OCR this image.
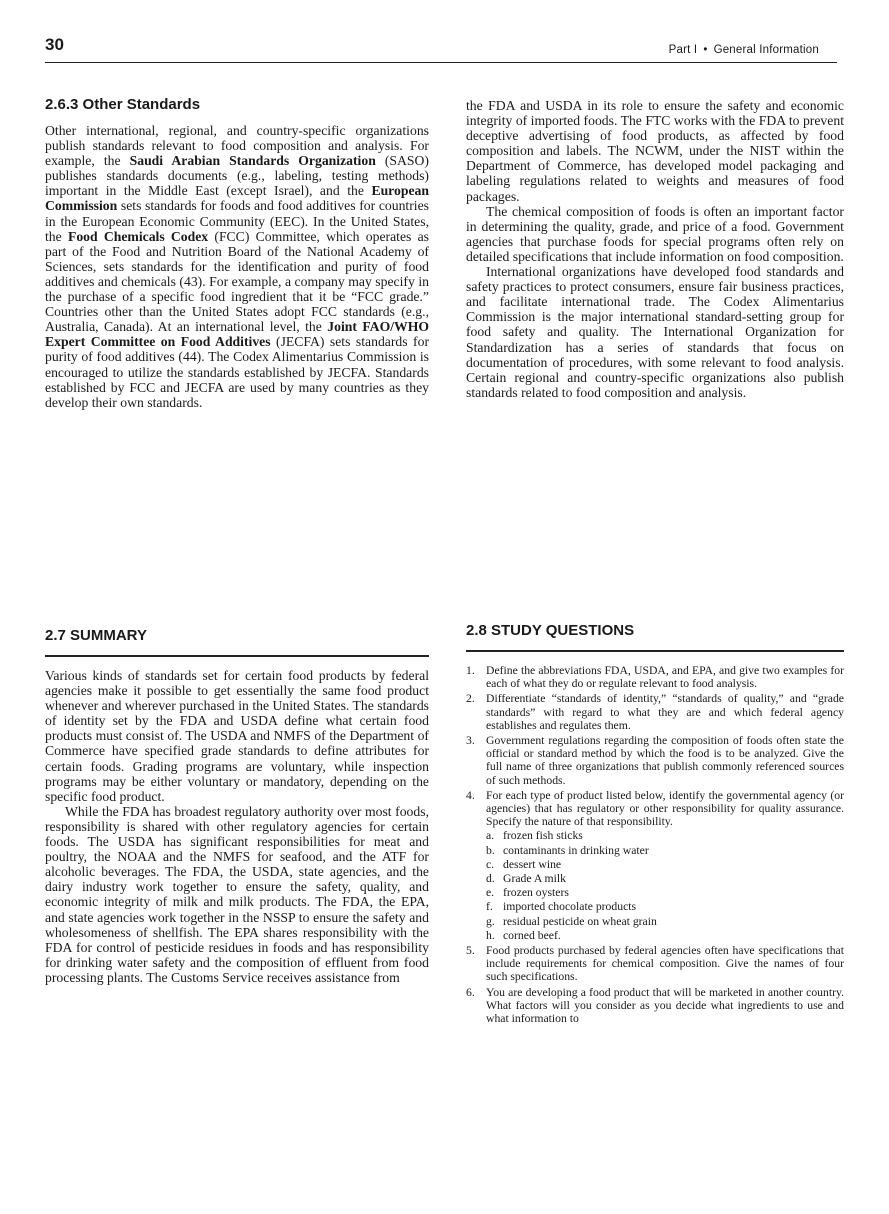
30	Part I • General Information
2.6.3 Other Standards

Other international, regional, and country-specific organizations publish standards relevant to food composition and analysis. For example, the Saudi Arabian Standards Organization (SASO) publishes standards documents (e.g., labeling, testing methods) important in the Middle East (except Israel), and the European Commission sets standards for foods and food additives for countries in the European Economic Community (EEC). In the United States, the Food Chemicals Codex (FCC) Committee, which operates as part of the Food and Nutrition Board of the National Academy of Sciences, sets standards for the identification and purity of food additives and chemicals (43). For example, a company may specify in the purchase of a specific food ingredient that it be “FCC grade.” Countries other than the United States adopt FCC standards (e.g., Australia, Canada). At an international level, the Joint FAO/WHO Expert Committee on Food Additives (JECFA) sets standards for purity of food additives (44). The Codex Alimentarius Commission is encouraged to utilize the standards established by JECFA. Standards established by FCC and JECFA are used by many countries as they develop their own standards.

the FDA and USDA in its role to ensure the safety and economic integrity of imported foods. The FTC works with the FDA to prevent deceptive advertising of food products, as affected by food composition and labels. The NCWM, under the NIST within the Department of Commerce, has developed model packaging and labeling regulations related to weights and measures of food packages.

The chemical composition of foods is often an important factor in determining the quality, grade, and price of a food. Government agencies that purchase foods for special programs often rely on detailed specifications that include information on food composition.

International organizations have developed food standards and safety practices to protect consumers, ensure fair business practices, and facilitate international trade. The Codex Alimentarius Commission is the major international standard-setting group for food safety and quality. The International Organization for Standardization has a series of standards that focus on documentation of procedures, with some relevant to food analysis. Certain regional and country-specific organizations also publish standards related to food composition and analysis.

2.7 SUMMARY

Various kinds of standards set for certain food products by federal agencies make it possible to get essentially the same food product whenever and wherever purchased in the United States. The standards of identity set by the FDA and USDA define what certain food products must consist of. The USDA and NMFS of the Department of Commerce have specified grade standards to define attributes for certain foods. Grading programs are voluntary, while inspection programs may be either voluntary or mandatory, depending on the specific food product.

While the FDA has broadest regulatory authority over most foods, responsibility is shared with other regulatory agencies for certain foods. The USDA has significant responsibilities for meat and poultry, the NOAA and the NMFS for seafood, and the ATF for alcoholic beverages. The FDA, the USDA, state agencies, and the dairy industry work together to ensure the safety, quality, and economic integrity of milk and milk products. The FDA, the EPA, and state agencies work together in the NSSP to ensure the safety and wholesomeness of shellfish. The EPA shares responsibility with the FDA for control of pesticide residues in foods and has responsibility for drinking water safety and the composition of effluent from food processing plants. The Customs Service receives assistance from

2.8 STUDY QUESTIONS
1. Define the abbreviations FDA, USDA, and EPA, and give two examples for each of what they do or regulate relevant to food analysis.
2. Differentiate “standards of identity,” “standards of quality,” and “grade standards” with regard to what they are and which federal agency establishes and regulates them.
3. Government regulations regarding the composition of foods often state the official or standard method by which the food is to be analyzed. Give the full name of three organizations that publish commonly referenced sources of such methods.
4. For each type of product listed below, identify the governmental agency (or agencies) that has regulatory or other responsibility for quality assurance. Specify the nature of that responsibility.
a. frozen fish sticks
b. contaminants in drinking water
c. dessert wine
d. Grade A milk
e. frozen oysters
f. imported chocolate products
g. residual pesticide on wheat grain
h. corned beef.
5. Food products purchased by federal agencies often have specifications that include requirements for chemical composition. Give the names of four such specifications.
6. You are developing a food product that will be marketed in another country. What factors will you consider as you decide what ingredients to use and what information to
